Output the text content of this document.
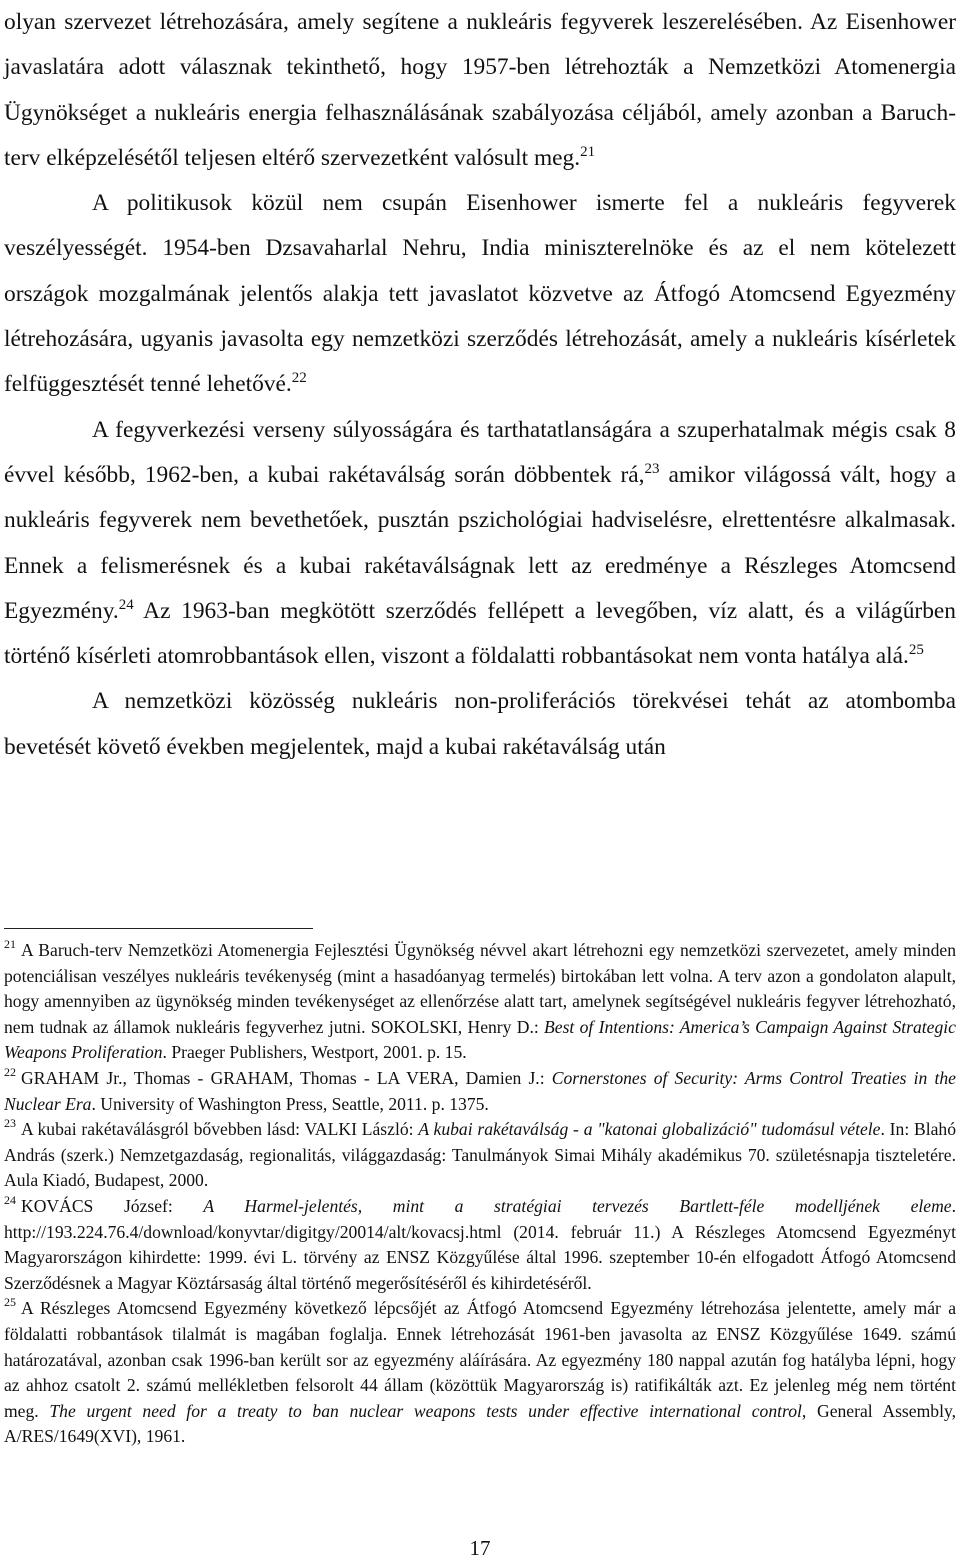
olyan szervezet létrehozására, amely segítene a nukleáris fegyverek leszerelésében. Az Eisenhower javaslatára adott válasznak tekinthető, hogy 1957-ben létrehozták a Nemzetközi Atomenergia Ügynökséget a nukleáris energia felhasználásának szabályozása céljából, amely azonban a Baruch-terv elképzelésétől teljesen eltérő szervezetként valósult meg.$^{21}$

A politikusok közül nem csupán Eisenhower ismerte fel a nukleáris fegyverek veszélyességét. 1954-ben Dzsavaharlal Nehru, India miniszterelnöke és az el nem kötelezett országok mozgalmának jelentős alakja tett javaslatot közvetve az Átfogó Atomcsend Egyezmény létrehozására, ugyanis javasolta egy nemzetközi szerződés létrehozását, amely a nukleáris kísérletek felfüggesztését tenné lehetővé.$^{22}$

A fegyverkezési verseny súlyosságára és tarthatatlanságára a szuperhatalmak mégis csak 8 évvel később, 1962-ben, a kubai rakétaválság során döbbentek rá,$^{23}$ amikor világossá vált, hogy a nukleáris fegyverek nem bevethetőek, pusztán pszichológiai hadviselésre, elrettentésre alkalmasak. Ennek a felismerésnek és a kubai rakétaválságnak lett az eredménye a Részleges Atomcsend Egyezmény.$^{24}$ Az 1963-ban megkötött szerződés fellépett a levegőben, víz alatt, és a világűrben történő kísérleti atomrobbantások ellen, viszont a földalatti robbantásokat nem vonta hatálya alá.$^{25}$

A nemzetközi közösség nukleáris non-proliferációs törekvései tehát az atombomba bevetését követő években megjelentek, majd a kubai rakétaválság után

$^{21}$ A Baruch-terv Nemzetközi Atomenergia Fejlesztési Ügynökség névvel akart létrehozni egy nemzetközi szervezetet, amely minden potenciálisan veszélyes nukleáris tevékenység (mint a hasadóanyag termelés) birtokában lett volna. A terv azon a gondolaton alapult, hogy amennyiben az ügynökség minden tevékenységet az ellenőrzése alatt tart, amelynek segítségével nukleáris fegyver létrehozható, nem tudnak az államok nukleáris fegyverhez jutni. SOKOLSKI, Henry D.: Best of Intentions: America’s Campaign Against Strategic Weapons Proliferation. Praeger Publishers, Westport, 2001. p. 15.

$^{22}$ GRAHAM Jr., Thomas - GRAHAM, Thomas - LA VERA, Damien J.: Cornerstones of Security: Arms Control Treaties in the Nuclear Era. University of Washington Press, Seattle, 2011. p. 1375.

$^{23}$ A kubai rakétaválásgról bővebben lásd: VALKI László: A kubai rakétaválság - a "katonai globalizáció" tudomásul vétele. In: Blahó András (szerk.) Nemzetgazdaság, regionalitás, világgazdaság: Tanulmányok Simai Mihály akadémikus 70. születésnapja tiszteletére. Aula Kiadó, Budapest, 2000.

$^{24}$ KOVÁCS József: A Harmel-jelentés, mint a stratégiai tervezés Bartlett-féle modelljének eleme. http://193.224.76.4/download/konyvtar/digitgy/20014/alt/kovacsj.html (2014. február 11.) A Részleges Atomcsend Egyezményt Magyarországon kihirdette: 1999. évi L. törvény az ENSZ Közgyűlése által 1996. szeptember 10-én elfogadott Átfogó Atomcsend Szerződésnek a Magyar Köztársaság által történő megerősítéséről és kihirdetéséről.

$^{25}$ A Részleges Atomcsend Egyezmény következő lépcsőjét az Átfogó Atomcsend Egyezmény létrehozása jelentette, amely már a földalatti robbantások tilalmát is magában foglalja. Ennek létrehozását 1961-ben javasolta az ENSZ Közgyűlése 1649. számú határozatával, azonban csak 1996-ban került sor az egyezmény aláírására. Az egyezmény 180 nappal azután fog hatályba lépni, hogy az ahhoz csatolt 2. számú mellékletben felsorolt 44 állam (közöttük Magyarország is) ratifikálták azt. Ez jelenleg még nem történt meg. The urgent need for a treaty to ban nuclear weapons tests under effective international control, General Assembly, A/RES/1649(XVI), 1961.

17
